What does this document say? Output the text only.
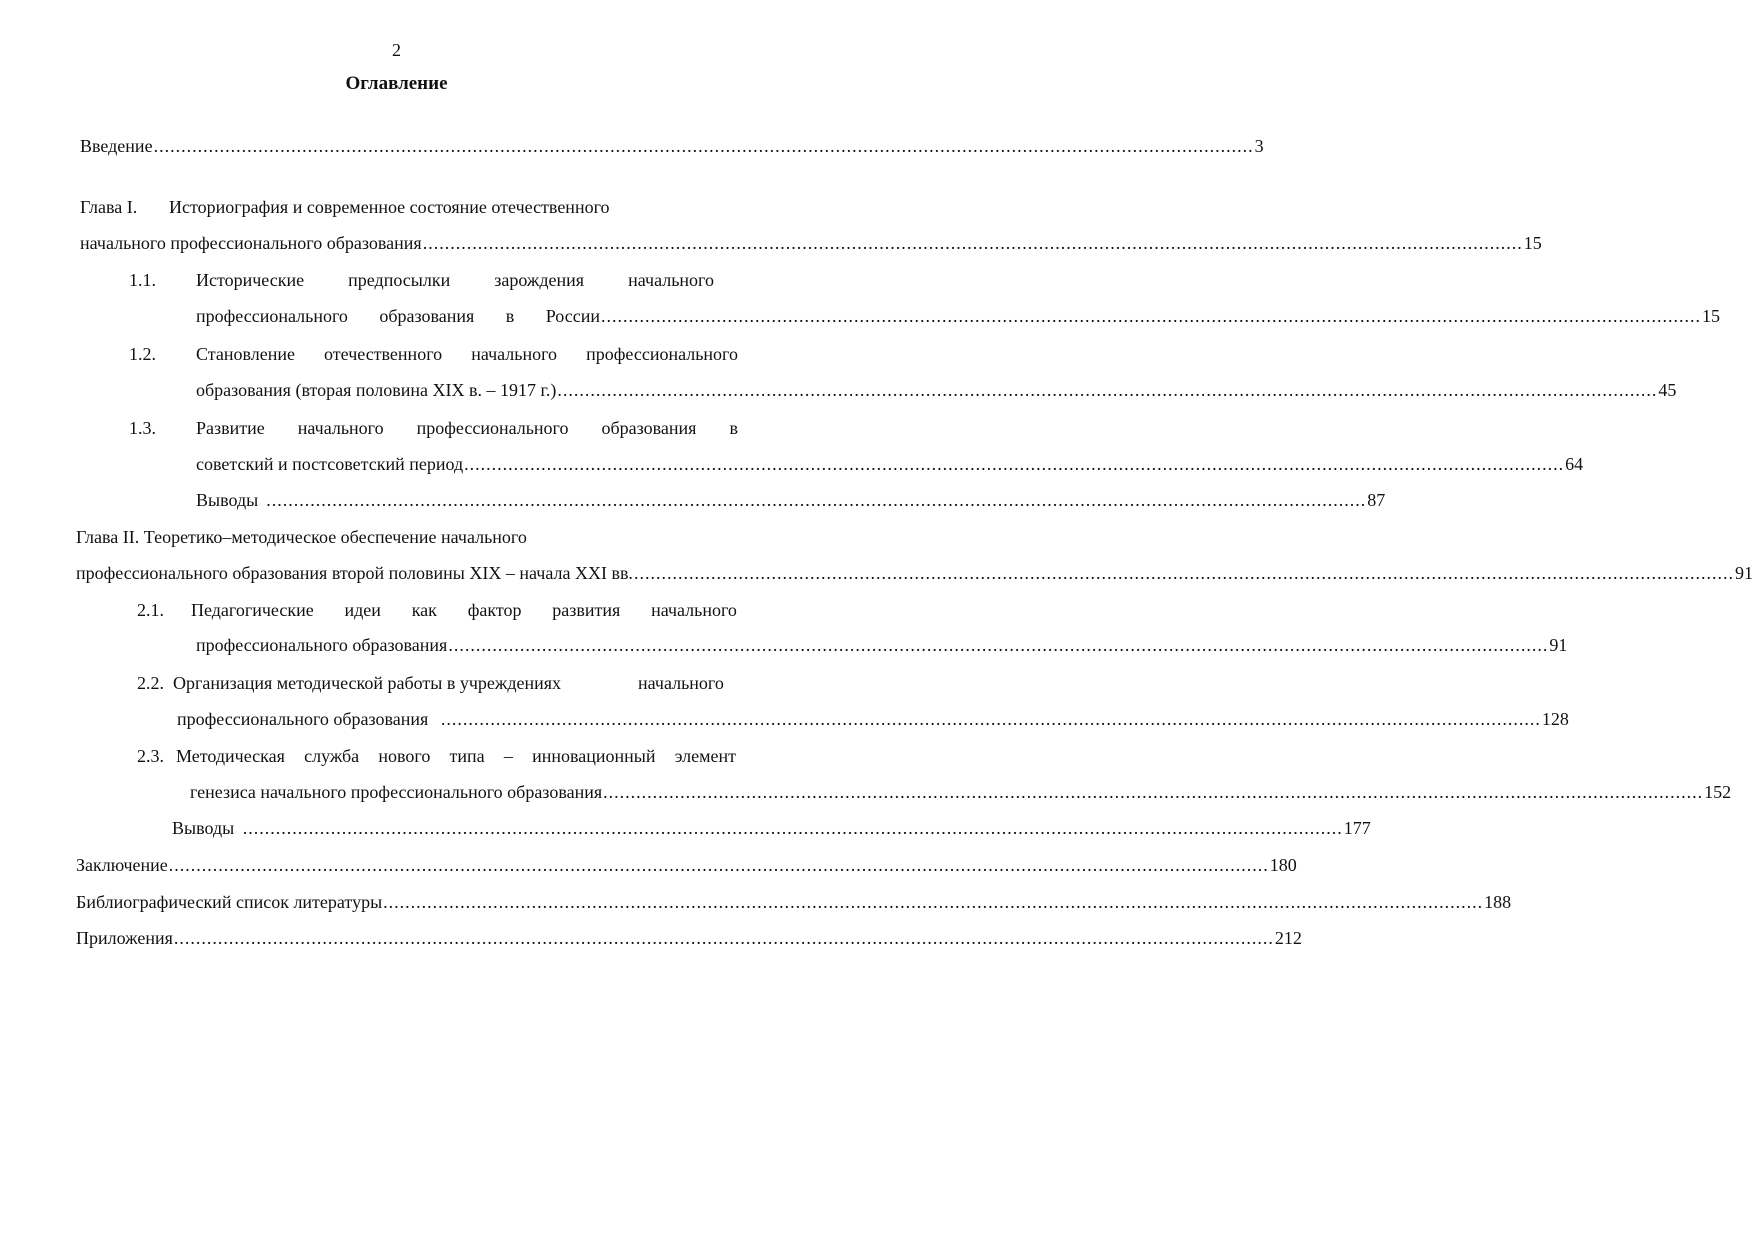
2
Оглавление
Введение ........................................................................................................................................................................................................ 3
Глава I. Историография и современное состояние отечественного
начального профессионального образования ........................................................................................................................................................................................................ 15
1.1. Исторические предпосылки зарождения начального
профессионального образования в России ........................................................................................................................................................................................................ 15
1.2. Становление отечественного начального профессионального
образования (вторая половина XIX в. – 1917 г.) ........................................................................................................................................................................................................ 45
1.3. Развитие начального профессионального образования в
советский и постсоветский период ........................................................................................................................................................................................................ 64
Выводы ........................................................................................................................................................................................................ 87
Глава II. Теоретико–методическое обеспечение начального
профессионального образования второй половины XIX – начала XXI вв. ........................................................................................................................................................................................................ 91
2.1. Педагогические идеи как фактор развития начального
профессионального образования ........................................................................................................................................................................................................ 91
2.2. Организация методической работы в учреждениях	начального
профессионального образования ........................................................................................................................................................................................................ 128
2.3. Методическая служба нового типа – инновационный элемент
генезиса начального профессионального образования ........................................................................................................................................................................................................ 152
Выводы ........................................................................................................................................................................................................ 177
Заключение ........................................................................................................................................................................................................ 180
Библиографический список литературы ........................................................................................................................................................................................................ 188
Приложения ........................................................................................................................................................................................................ 212
